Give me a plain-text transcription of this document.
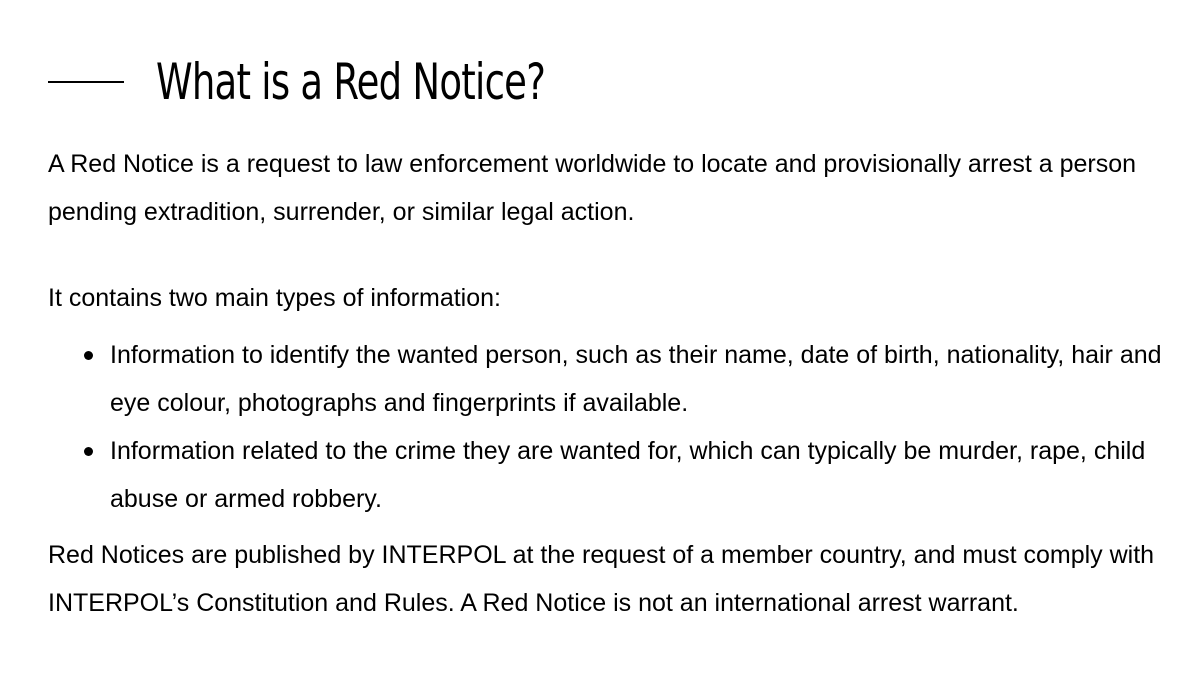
What is a Red Notice?

A Red Notice is a request to law enforcement worldwide to locate and provisionally arrest a person pending extradition, surrender, or similar legal action.

It contains two main types of information:

Information to identify the wanted person, such as their name, date of birth, nationality, hair and eye colour, photographs and fingerprints if available.
Information related to the crime they are wanted for, which can typically be murder, rape, child abuse or armed robbery.

Red Notices are published by INTERPOL at the request of a member country, and must comply with INTERPOL’s Constitution and Rules. A Red Notice is not an international arrest warrant.
